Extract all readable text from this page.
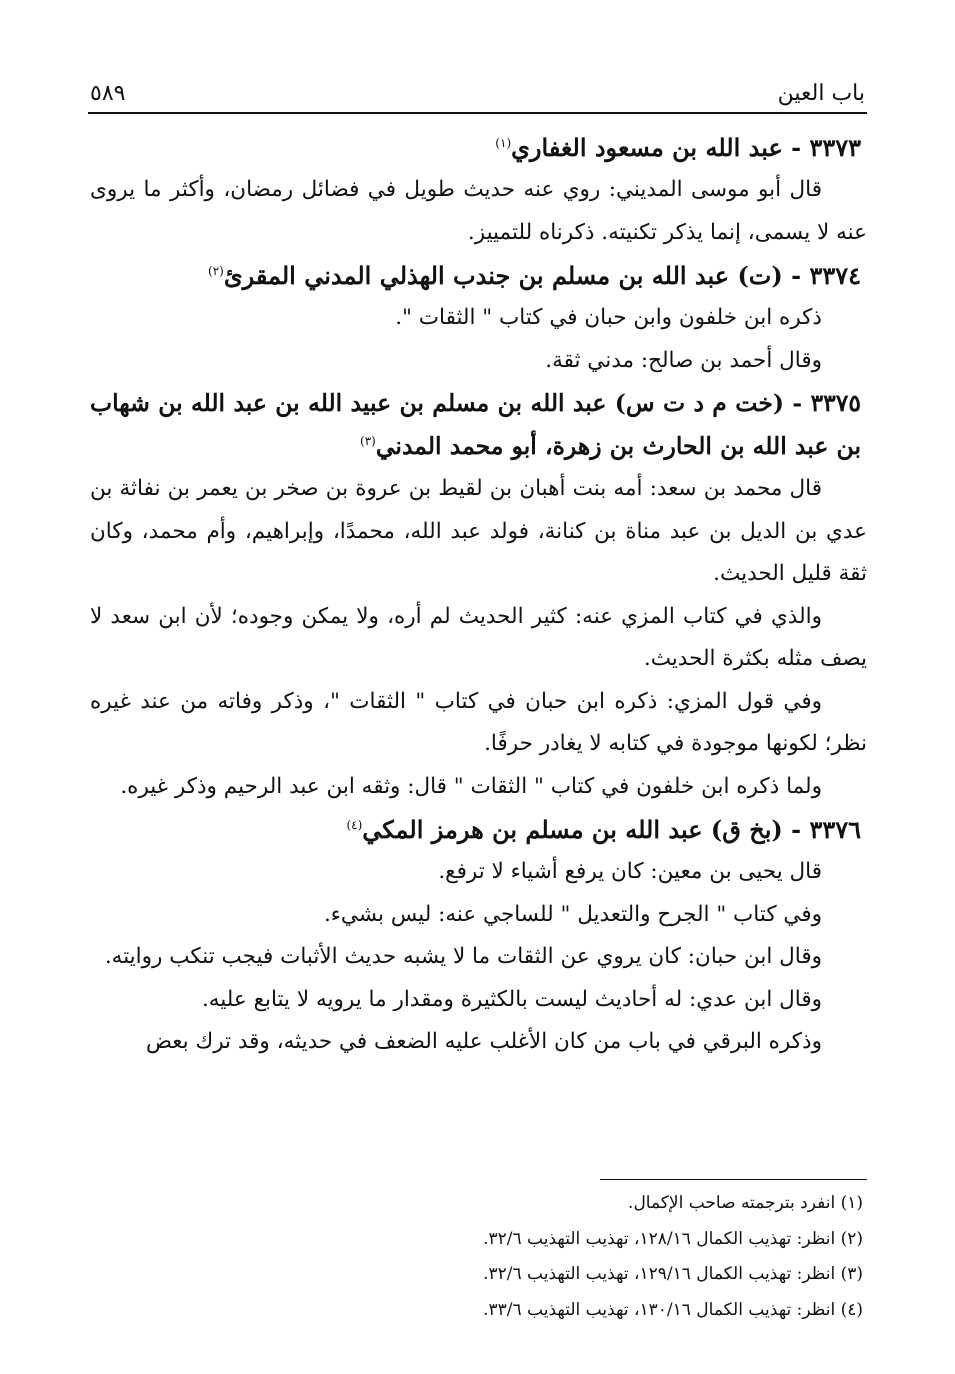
٥٨٩	باب العين

٣٣٧٣ - عبد الله بن مسعود الغفاري$^{(١)}$

قال أبو موسى المديني: روي عنه حديث طويل في فضائل رمضان، وأكثر ما يروى عنه لا يسمى، إنما يذكر تكنيته. ذكرناه للتمييز.

٣٣٧٤ - (ت) عبد الله بن مسلم بن جندب الهذلي المدني المقرئ$^{(٢)}$

ذكره ابن خلفون وابن حبان في كتاب " الثقات ".

وقال أحمد بن صالح: مدني ثقة.

٣٣٧٥ - (خت م د ت س) عبد الله بن مسلم بن عبيد الله بن عبد الله بن شهاب بن عبد الله بن الحارث بن زهرة، أبو محمد المدني$^{(٣)}$

قال محمد بن سعد: أمه بنت أهبان بن لقيط بن عروة بن صخر بن يعمر بن نفاثة بن عدي بن الديل بن عبد مناة بن كنانة، فولد عبد الله، محمدًا، وإبراهيم، وأم محمد، وكان ثقة قليل الحديث.

والذي في كتاب المزي عنه: كثير الحديث لم أره، ولا يمكن وجوده؛ لأن ابن سعد لا يصف مثله بكثرة الحديث.

وفي قول المزي: ذكره ابن حبان في كتاب " الثقات "، وذكر وفاته من عند غيره نظر؛ لكونها موجودة في كتابه لا يغادر حرفًا.

ولما ذكره ابن خلفون في كتاب " الثقات " قال: وثقه ابن عبد الرحيم وذكر غيره.

٣٣٧٦ - (بخ ق) عبد الله بن مسلم بن هرمز المكي$^{(٤)}$

قال يحيى بن معين: كان يرفع أشياء لا ترفع.

وفي كتاب " الجرح والتعديل " للساجي عنه: ليس بشيء.

وقال ابن حبان: كان يروي عن الثقات ما لا يشبه حديث الأثبات فيجب تنكب روايته.

وقال ابن عدي: له أحاديث ليست بالكثيرة ومقدار ما يرويه لا يتابع عليه.

وذكره البرقي في باب من كان الأغلب عليه الضعف في حديثه، وقد ترك بعض

(١) انفرد بترجمته صاحب الإكمال.

(٢) انظر: تهذيب الكمال ١٢٨/١٦، تهذيب التهذيب ٣٢/٦.

(٣) انظر: تهذيب الكمال ١٢٩/١٦، تهذيب التهذيب ٣٢/٦.

(٤) انظر: تهذيب الكمال ١٣٠/١٦، تهذيب التهذيب ٣٣/٦.
